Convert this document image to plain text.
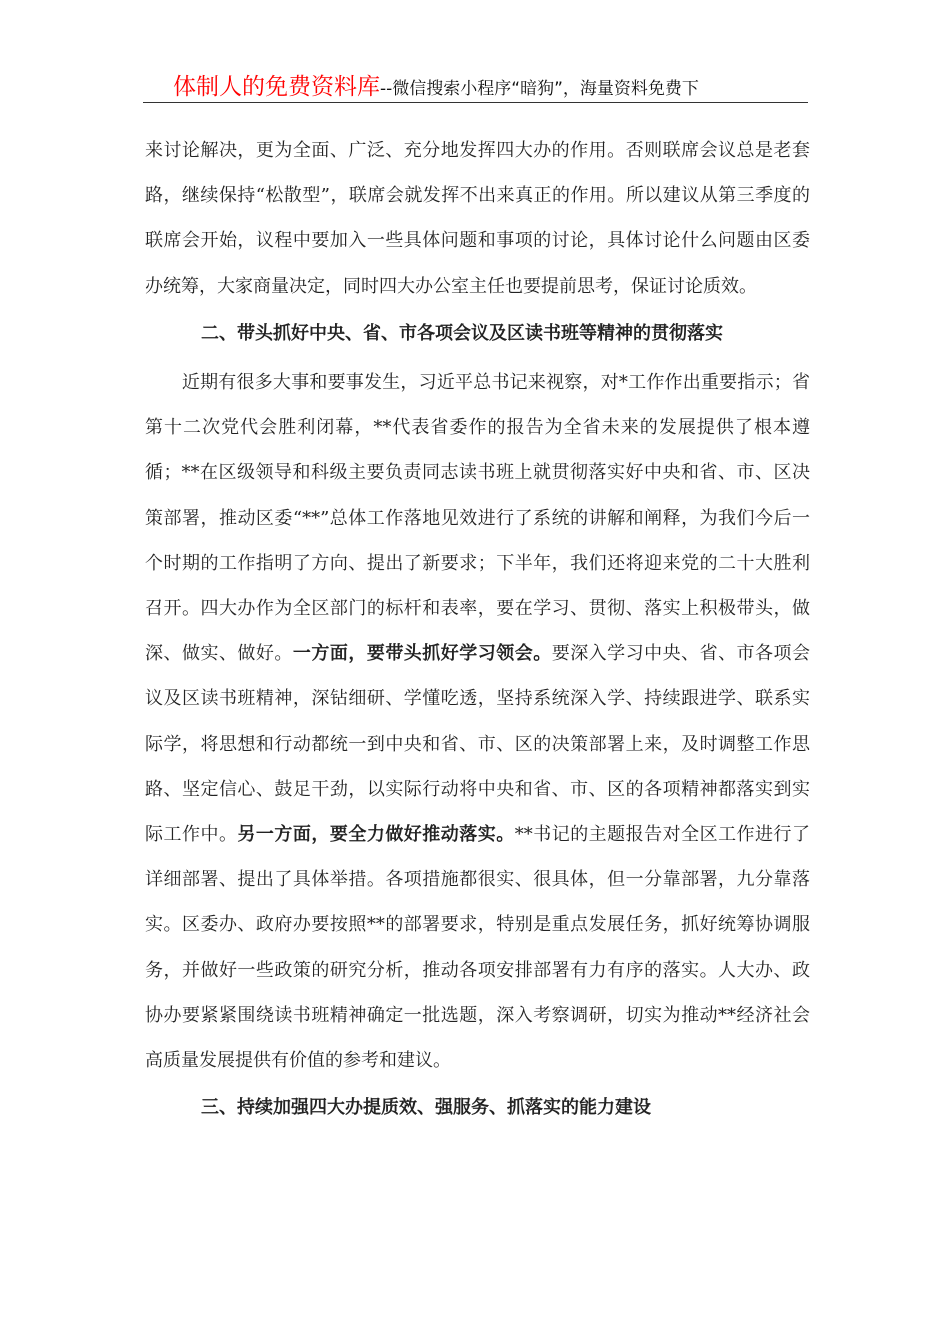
体制人的免费资料库--微信搜索小程序“暗狗”，海量资料免费下

来讨论解决，更为全面、广泛、充分地发挥四大办的作用。否则联席会议总是老套路，继续保持“松散型”，联席会就发挥不出来真正的作用。所以建议从第三季度的联席会开始，议程中要加入一些具体问题和事项的讨论，具体讨论什么问题由区委办统筹，大家商量决定，同时四大办公室主任也要提前思考，保证讨论质效。

二、带头抓好中央、省、市各项会议及区读书班等精神的贯彻落实

近期有很多大事和要事发生，习近平总书记来视察，对*工作作出重要指示；省第十二次党代会胜利闭幕，**代表省委作的报告为全省未来的发展提供了根本遵循；**在区级领导和科级主要负责同志读书班上就贯彻落实好中央和省、市、区决策部署，推动区委“**”总体工作落地见效进行了系统的讲解和阐释，为我们今后一个时期的工作指明了方向、提出了新要求；下半年，我们还将迎来党的二十大胜利召开。四大办作为全区部门的标杆和表率，要在学习、贯彻、落实上积极带头，做深、做实、做好。一方面，要带头抓好学习领会。要深入学习中央、省、市各项会议及区读书班精神，深钻细研、学懂吃透，坚持系统深入学、持续跟进学、联系实际学，将思想和行动都统一到中央和省、市、区的决策部署上来，及时调整工作思路、坚定信心、鼓足干劲，以实际行动将中央和省、市、区的各项精神都落实到实际工作中。另一方面，要全力做好推动落实。**书记的主题报告对全区工作进行了详细部署、提出了具体举措。各项措施都很实、很具体，但一分靠部署，九分靠落实。区委办、政府办要按照**的部署要求，特别是重点发展任务，抓好统筹协调服务，并做好一些政策的研究分析，推动各项安排部署有力有序的落实。人大办、政协办要紧紧围绕读书班精神确定一批选题，深入考察调研，切实为推动**经济社会高质量发展提供有价值的参考和建议。

三、持续加强四大办提质效、强服务、抓落实的能力建设
